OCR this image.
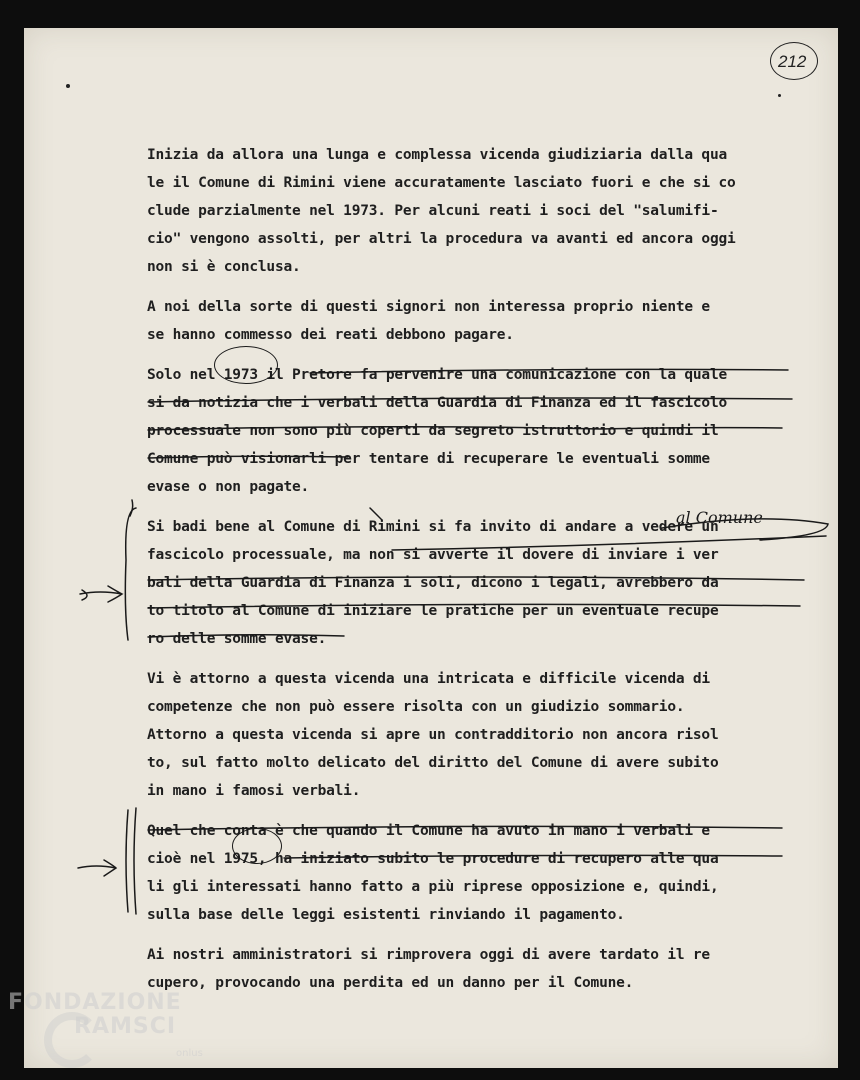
212
Inizia da allora una lunga e complessa vicenda giudiziaria dalla qua
le il Comune di Rimini viene accuratamente lasciato fuori e che si co
clude parzialmente nel 1973. Per alcuni reati i soci del "salumifi-
cio" vengono assolti, per altri la procedura va avanti ed ancora oggi
non si è conclusa.
A noi della sorte di questi signori non interessa proprio niente e
se hanno commesso dei reati debbono pagare.
Solo nel 1973 il Pretore fa pervenire una comunicazione con la quale
si da notizia che i verbali della Guardia di Finanza ed il fascicolo
processuale non sono più coperti da segreto istruttorio e quindi il
Comune può visionarli per tentare di recuperare le eventuali somme
evase o non pagate.
Si badi bene al Comune di Rimini si fa invito di andare a vedere un
fascicolo processuale, ma non si avverte il dovere di inviare i ver
bali della Guardia di Finanza i soli, dicono i legali, avrebbero da
to titolo al Comune di iniziare le pratiche per un eventuale recupe
ro delle somme evase.
Vi è attorno a questa vicenda una intricata e difficile vicenda di
competenze che non può essere risolta con un giudizio sommario.
Attorno a questa vicenda si apre un contradditorio non ancora risol
to, sul fatto molto delicato del diritto del Comune di avere subito
in mano i famosi verbali.
Quel che conta è che quando il Comune ha avuto in mano i verbali e
cioè nel 1975, ha iniziato subito le procedure di recupero alle qua
li gli interessati hanno fatto a più riprese opposizione e, quindi,
sulla base delle leggi esistenti rinviando il pagamento.
Ai nostri amministratori si rimprovera oggi di avere tardato il re
cupero, provocando una perdita ed un danno per il Comune.
al Comune
FONDAZIONE
RAMSCI
onlus
